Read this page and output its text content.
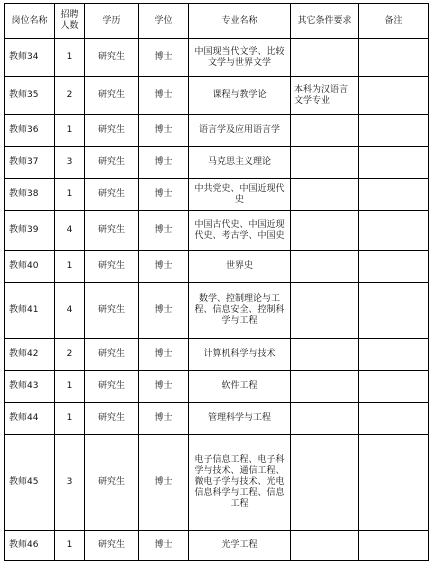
岗位名称	招聘人数	学历	学位	专业名称	其它条件要求	备注
教师34	1	研究生	博士	中国现当代文学、比较文学与世界文学		
教师35	2	研究生	博士	课程与教学论	本科为汉语言文学专业	
教师36	1	研究生	博士	语言学及应用语言学		
教师37	3	研究生	博士	马克思主义理论		
教师38	1	研究生	博士	中共党史、中国近现代史		
教师39	4	研究生	博士	中国古代史、中国近现代史、考古学、中国史		
教师40	1	研究生	博士	世界史		
教师41	4	研究生	博士	数学、控制理论与工程、信息安全、控制科学与工程		
教师42	2	研究生	博士	计算机科学与技术		
教师43	1	研究生	博士	软件工程		
教师44	1	研究生	博士	管理科学与工程		
教师45	3	研究生	博士	电子信息工程、电子科学与技术、通信工程、微电子学与技术、光电信息科学与工程、信息工程		
教师46	1	研究生	博士	光学工程		
